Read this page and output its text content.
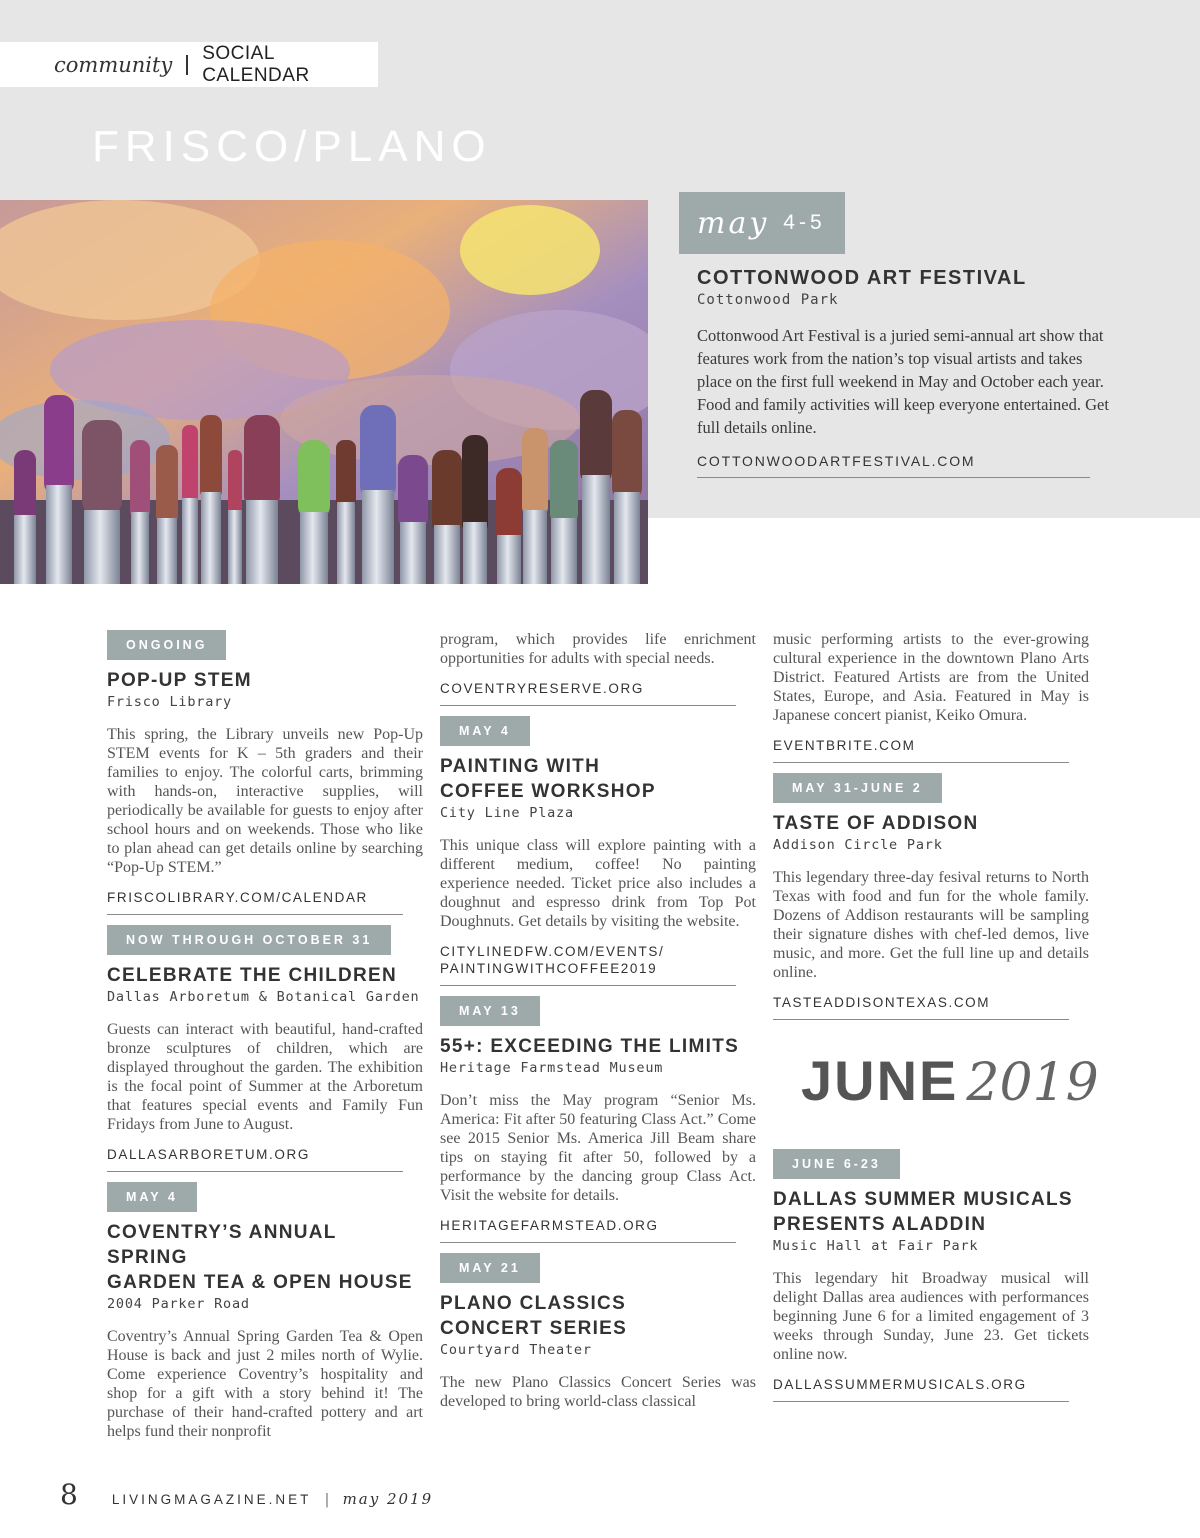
community SOCIAL CALENDAR
FRISCO/PLANO
may 4-5
COTTONWOOD ART FESTIVAL
Cottonwood Park
Cottonwood Art Festival is a juried semi-annual art show that features work from the nation’s top visual artists and takes place on the first full weekend in May and October each year. Food and family activities will keep everyone entertained. Get full details online.
COTTONWOODARTFESTIVAL.COM
ONGOING
POP-UP STEM
Frisco Library
This spring, the Library unveils new Pop-Up STEM events for K – 5th graders and their families to enjoy. The colorful carts, brimming with hands-on, interactive supplies, will periodically be available for guests to enjoy after school hours and on weekends. Those who like to plan ahead can get details online by searching “Pop-Up STEM.”
FRISCOLIBRARY.COM/CALENDAR
NOW THROUGH OCTOBER 31
CELEBRATE THE CHILDREN
Dallas Arboretum & Botanical Garden
Guests can interact with beautiful, hand-crafted bronze sculptures of children, which are displayed throughout the garden. The exhibition is the focal point of Summer at the Arboretum that features special events and Family Fun Fridays from June to August.
DALLASARBORETUM.ORG
MAY 4
COVENTRY’S ANNUAL SPRING
GARDEN TEA & OPEN HOUSE
2004 Parker Road
Coventry’s Annual Spring Garden Tea & Open House is back and just 2 miles north of Wylie. Come experience Coventry’s hospitality and shop for a gift with a story behind it! The purchase of their hand-crafted pottery and art helps fund their nonprofit
program, which provides life enrichment opportunities for adults with special needs.
COVENTRYRESERVE.ORG
MAY 4
PAINTING WITH
COFFEE WORKSHOP
City Line Plaza
This unique class will explore painting with a different medium, coffee! No painting experience needed. Ticket price also includes a doughnut and espresso drink from Top Pot Doughnuts. Get details by visiting the website.
CITYLINEDFW.COM/EVENTS/
PAINTINGWITHCOFFEE2019
MAY 13
55+: EXCEEDING THE LIMITS
Heritage Farmstead Museum
Don’t miss the May program “Senior Ms. America: Fit after 50 featuring Class Act.” Come see 2015 Senior Ms. America Jill Beam share tips on staying fit after 50, followed by a performance by the dancing group Class Act. Visit the website for details.
HERITAGEFARMSTEAD.ORG
MAY 21
PLANO CLASSICS
CONCERT SERIES
Courtyard Theater
The new Plano Classics Concert Series was developed to bring world-class classical
music performing artists to the ever-growing cultural experience in the downtown Plano Arts District. Featured Artists are from the United States, Europe, and Asia. Featured in May is Japanese concert pianist, Keiko Omura.
EVENTBRITE.COM
MAY 31-JUNE 2
TASTE OF ADDISON
Addison Circle Park
This legendary three-day fesival returns to North Texas with food and fun for the whole family. Dozens of Addison restaurants will be sampling their signature dishes with chef-led demos, live music, and more. Get the full line up and details online.
TASTEADDISONTEXAS.COM
JUNE 2019
JUNE 6-23
DALLAS SUMMER MUSICALS
PRESENTS ALADDIN
Music Hall at Fair Park
This legendary hit Broadway musical will delight Dallas area audiences with performances beginning June 6 for a limited engagement of 3 weeks through Sunday, June 23. Get tickets online now.
DALLASSUMMERMUSICALS.ORG
8	LIVINGMAGAZINE.NET | may 2019
